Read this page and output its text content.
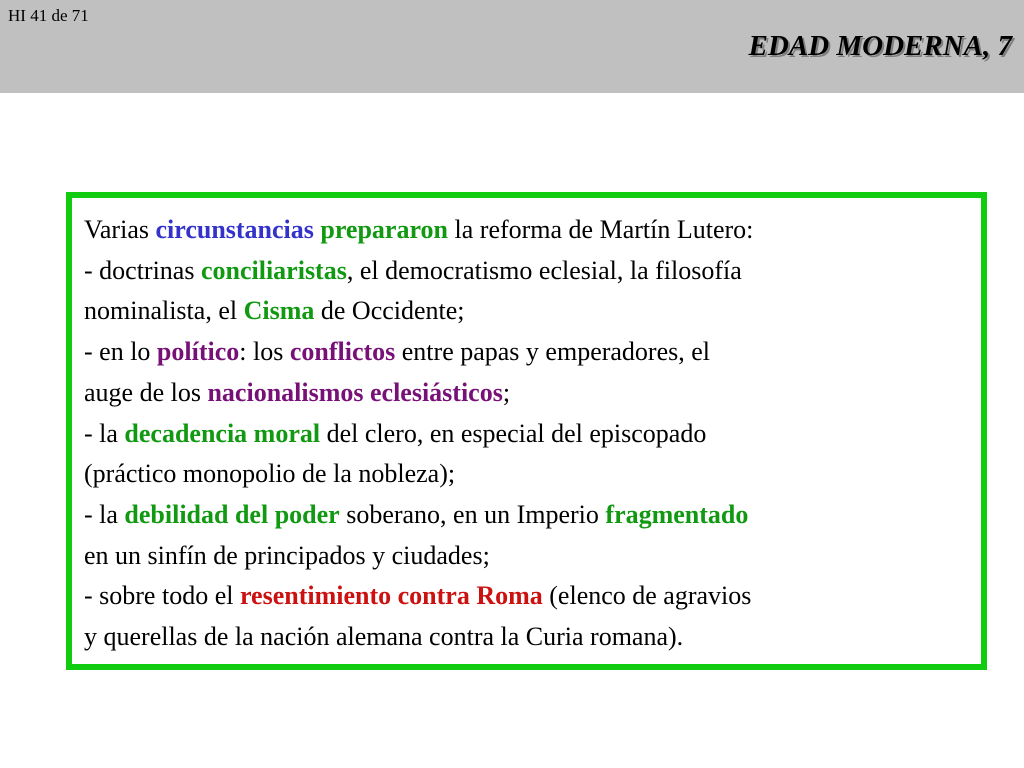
HI 41 de 71
EDAD MODERNA, 7
Varias circunstancias prepararon la reforma de Martín Lutero:
- doctrinas conciliaristas, el democratismo eclesial, la filosofía
nominalista, el Cisma de Occidente;
- en lo político: los conflictos entre papas y emperadores, el
auge de los nacionalismos eclesiásticos;
- la decadencia moral del clero, en especial del episcopado
(práctico monopolio de la nobleza);
- la debilidad del poder soberano, en un Imperio fragmentado
en un sinfín de principados y ciudades;
- sobre todo el resentimiento contra Roma (elenco de agravios
y querellas de la nación alemana contra la Curia romana).
